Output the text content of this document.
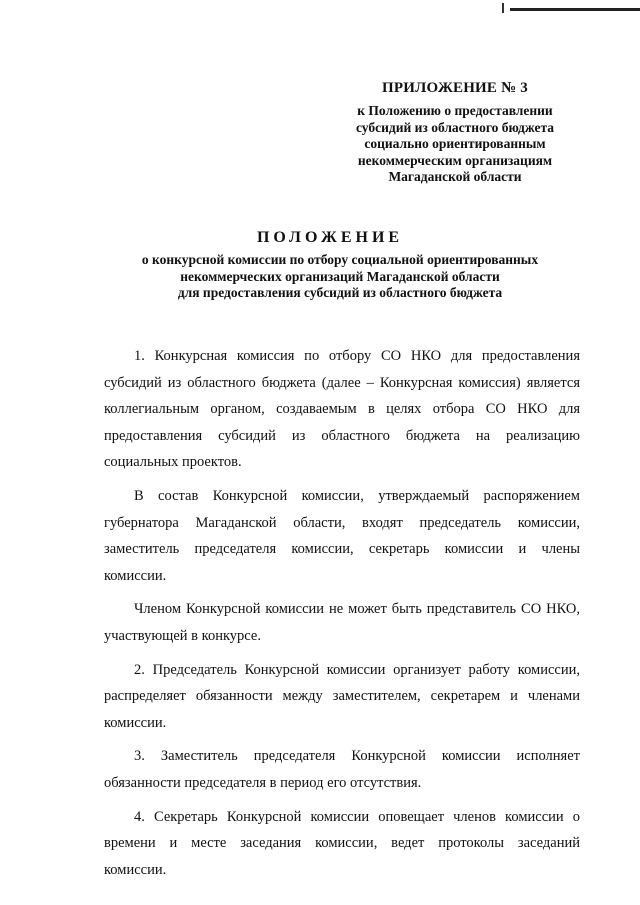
ПРИЛОЖЕНИЕ № 3
к Положению о предоставлении
субсидий из областного бюджета
социально ориентированным
некоммерческим организациям
Магаданской области
ПОЛОЖЕНИЕ
о конкурсной комиссии по отбору социальной ориентированных
некоммерческих организаций Магаданской области
для предоставления субсидий из областного бюджета
1. Конкурсная комиссия по отбору СО НКО для предоставления
субсидий из областного бюджета (далее – Конкурсная комиссия) является
коллегиальным органом, создаваемым в целях отбора СО НКО для
предоставления субсидий из областного бюджета на реализацию
социальных проектов.
В состав Конкурсной комиссии, утверждаемый распоряжением
губернатора Магаданской области, входят председатель комиссии,
заместитель председателя комиссии, секретарь комиссии и члены
комиссии.
Членом Конкурсной комиссии не может быть представитель СО НКО,
участвующей в конкурсе.
2. Председатель Конкурсной комиссии организует работу комиссии,
распределяет обязанности между заместителем, секретарем и членами
комиссии.
3. Заместитель председателя Конкурсной комиссии исполняет
обязанности председателя в период его отсутствия.
4. Секретарь Конкурсной комиссии оповещает членов комиссии о
времени и месте заседания комиссии, ведет протоколы заседаний
комиссии.
